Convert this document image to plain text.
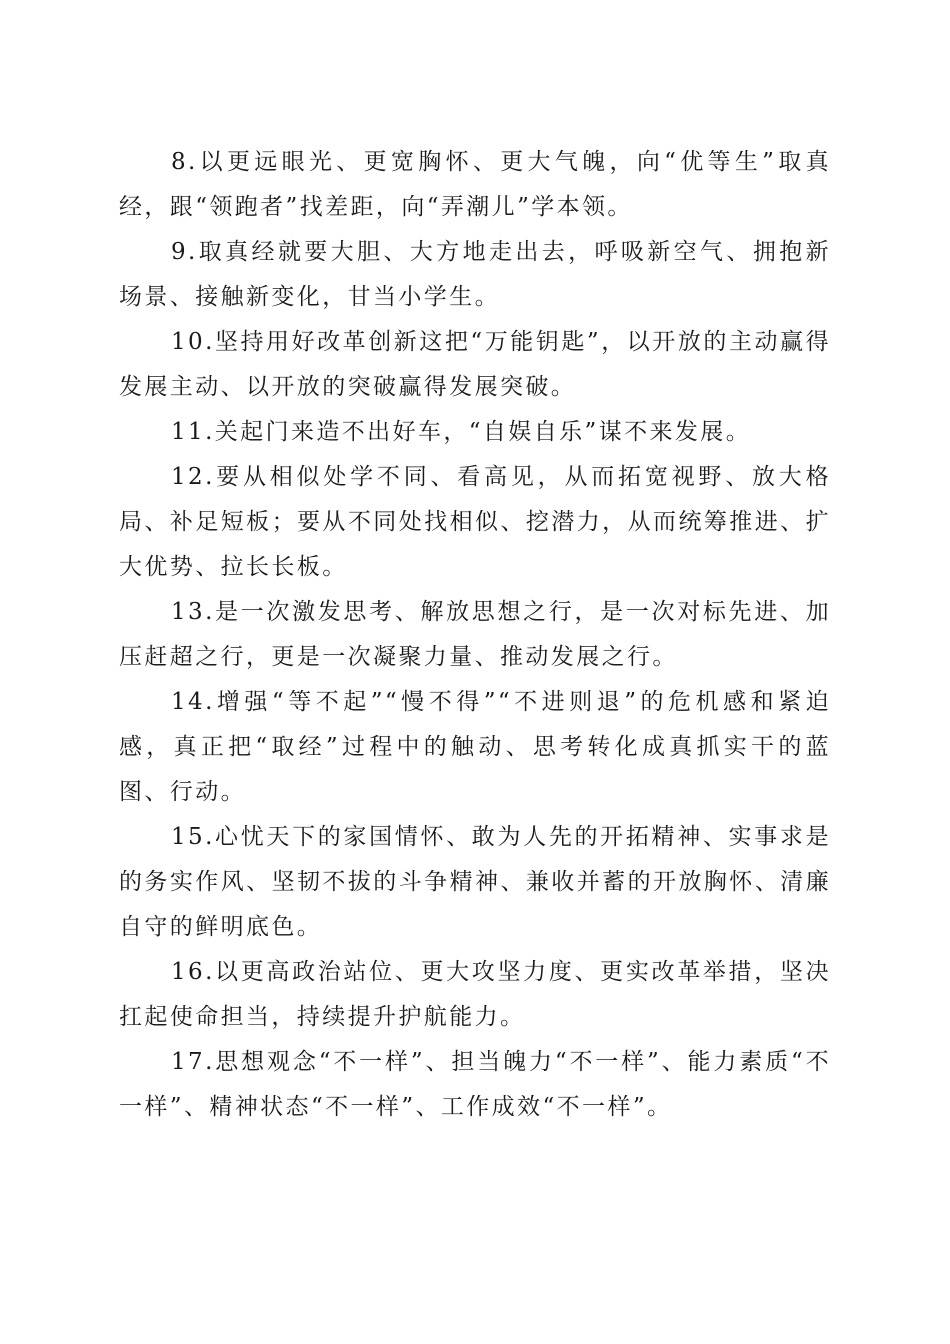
8.以更远眼光、更宽胸怀、更大气魄，向“优等生”取真经，跟“领跑者”找差距，向“弄潮儿”学本领。

9.取真经就要大胆、大方地走出去，呼吸新空气、拥抱新场景、接触新变化，甘当小学生。

10.坚持用好改革创新这把“万能钥匙”，以开放的主动赢得发展主动、以开放的突破赢得发展突破。

11.关起门来造不出好车，“自娱自乐”谋不来发展。

12.要从相似处学不同、看高见，从而拓宽视野、放大格局、补足短板；要从不同处找相似、挖潜力，从而统筹推进、扩大优势、拉长长板。

13.是一次激发思考、解放思想之行，是一次对标先进、加压赶超之行，更是一次凝聚力量、推动发展之行。

14.增强“等不起”“慢不得”“不进则退”的危机感和紧迫感，真正把“取经”过程中的触动、思考转化成真抓实干的蓝图、行动。

15.心忧天下的家国情怀、敢为人先的开拓精神、实事求是的务实作风、坚韧不拔的斗争精神、兼收并蓄的开放胸怀、清廉自守的鲜明底色。

16.以更高政治站位、更大攻坚力度、更实改革举措，坚决扛起使命担当，持续提升护航能力。

17.思想观念“不一样”、担当魄力“不一样”、能力素质“不一样”、精神状态“不一样”、工作成效“不一样”。
